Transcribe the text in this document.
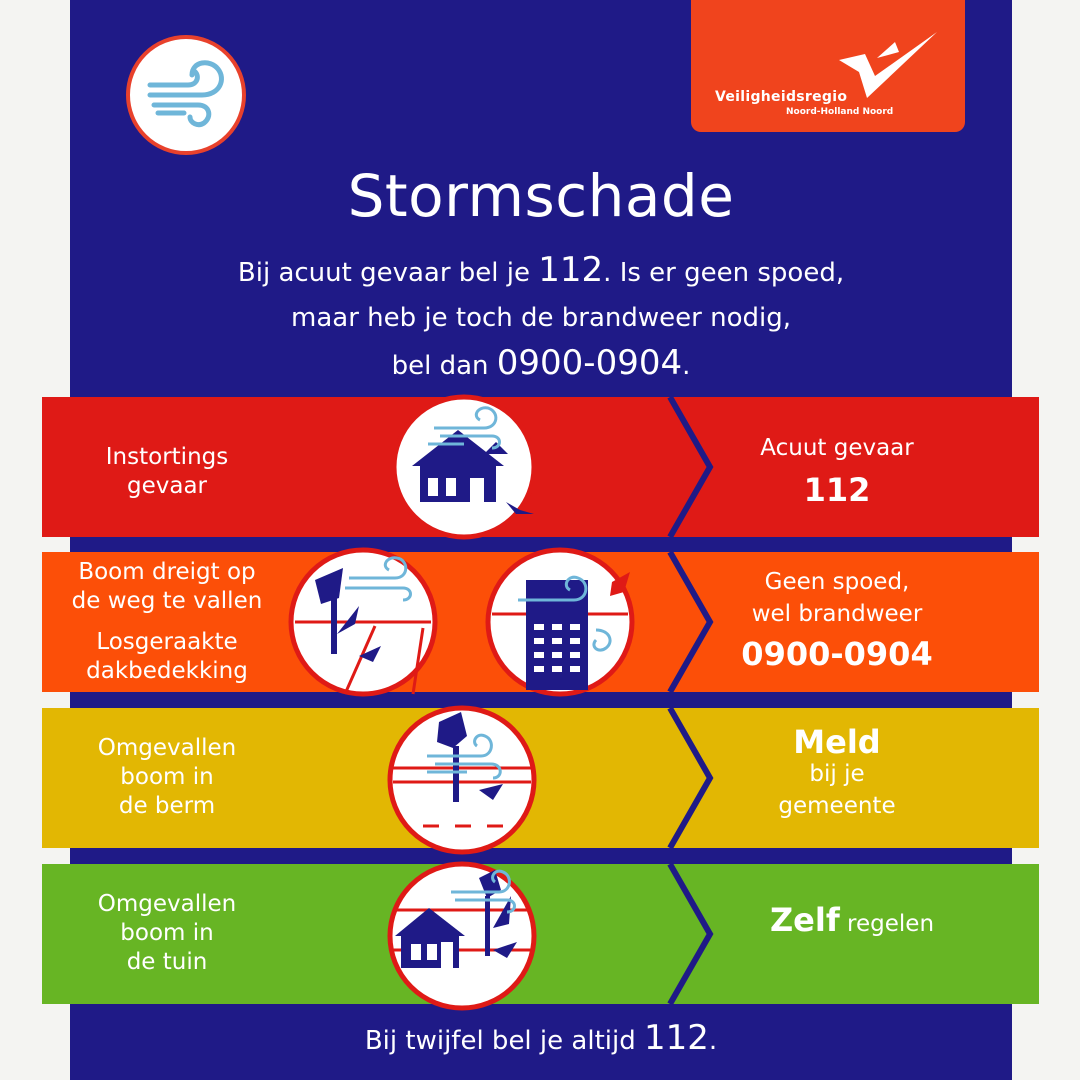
Veiligheidsregio
Noord-Holland Noord
Stormschade
Bij acuut gevaar bel je 112. Is er geen spoed,
maar heb je toch de brandweer nodig,
bel dan 0900-0904.
Instortings
gevaar
Acuut gevaar
112
Boom dreigt op
de weg te vallen
Losgeraakte
dakbedekking
Geen spoed,
wel brandweer
0900-0904
Omgevallen
boom in
de berm
Meld
bij je
gemeente
Omgevallen
boom in
de tuin
Zelf regelen
Bij twijfel bel je altijd 112.
